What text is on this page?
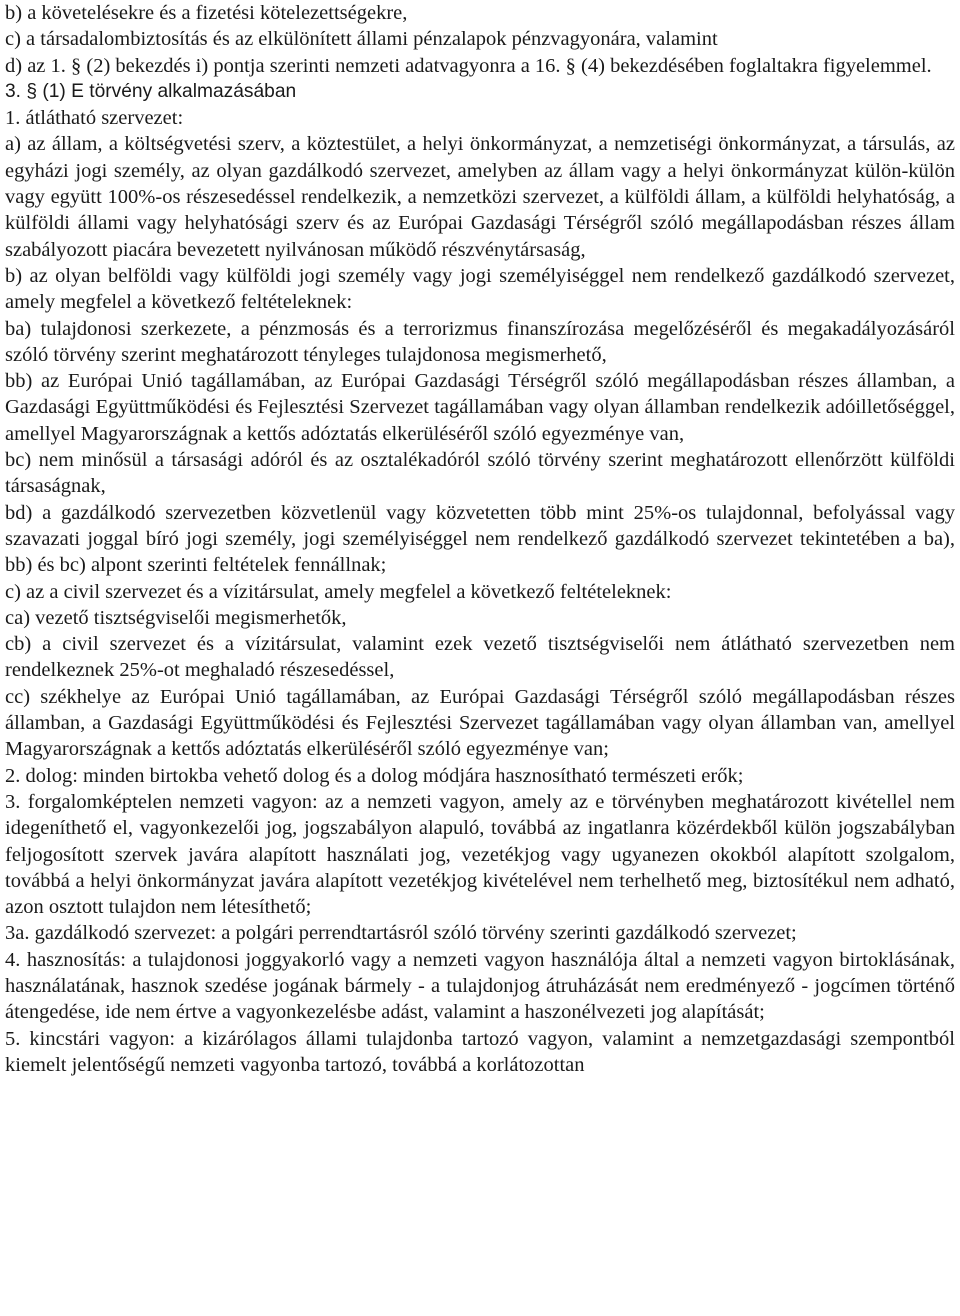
b) a követelésekre és a fizetési kötelezettségekre,

c) a társadalombiztosítás és az elkülönített állami pénzalapok pénzvagyonára, valamint

d) az 1. § (2) bekezdés i) pontja szerinti nemzeti adatvagyonra a 16. § (4) bekezdésében foglaltakra figyelemmel.

3. § (1) E törvény alkalmazásában

1. átlátható szervezet:

a) az állam, a költségvetési szerv, a köztestület, a helyi önkormányzat, a nemzetiségi önkormányzat, a társulás, az egyházi jogi személy, az olyan gazdálkodó szervezet, amelyben az állam vagy a helyi önkormányzat külön-külön vagy együtt 100%-os részesedéssel rendelkezik, a nemzetközi szervezet, a külföldi állam, a külföldi helyhatóság, a külföldi állami vagy helyhatósági szerv és az Európai Gazdasági Térségről szóló megállapodásban részes állam szabályozott piacára bevezetett nyilvánosan működő részvénytársaság,

b) az olyan belföldi vagy külföldi jogi személy vagy jogi személyiséggel nem rendelkező gazdálkodó szervezet, amely megfelel a következő feltételeknek:

ba) tulajdonosi szerkezete, a pénzmosás és a terrorizmus finanszírozása megelőzéséről és megakadályozásáról szóló törvény szerint meghatározott tényleges tulajdonosa megismerhető,

bb) az Európai Unió tagállamában, az Európai Gazdasági Térségről szóló megállapodásban részes államban, a Gazdasági Együttműködési és Fejlesztési Szervezet tagállamában vagy olyan államban rendelkezik adóilletőséggel, amellyel Magyarországnak a kettős adóztatás elkerüléséről szóló egyezménye van,

bc) nem minősül a társasági adóról és az osztalékadóról szóló törvény szerint meghatározott ellenőrzött külföldi társaságnak,

bd) a gazdálkodó szervezetben közvetlenül vagy közvetetten több mint 25%-os tulajdonnal, befolyással vagy szavazati joggal bíró jogi személy, jogi személyiséggel nem rendelkező gazdálkodó szervezet tekintetében a ba), bb) és bc) alpont szerinti feltételek fennállnak;

c) az a civil szervezet és a vízitársulat, amely megfelel a következő feltételeknek:

ca) vezető tisztségviselői megismerhetők,

cb) a civil szervezet és a vízitársulat, valamint ezek vezető tisztségviselői nem átlátható szervezetben nem rendelkeznek 25%-ot meghaladó részesedéssel,

cc) székhelye az Európai Unió tagállamában, az Európai Gazdasági Térségről szóló megállapodásban részes államban, a Gazdasági Együttműködési és Fejlesztési Szervezet tagállamában vagy olyan államban van, amellyel Magyarországnak a kettős adóztatás elkerüléséről szóló egyezménye van;

2. dolog: minden birtokba vehető dolog és a dolog módjára hasznosítható természeti erők;

3. forgalomképtelen nemzeti vagyon: az a nemzeti vagyon, amely az e törvényben meghatározott kivétellel nem idegeníthető el, vagyonkezelői jog, jogszabályon alapuló, továbbá az ingatlanra közérdekből külön jogszabályban feljogosított szervek javára alapított használati jog, vezetékjog vagy ugyanezen okokból alapított szolgalom, továbbá a helyi önkormányzat javára alapított vezetékjog kivételével nem terhelhető meg, biztosítékul nem adható, azon osztott tulajdon nem létesíthető;

3a. gazdálkodó szervezet: a polgári perrendtartásról szóló törvény szerinti gazdálkodó szervezet;

4. hasznosítás: a tulajdonosi joggyakorló vagy a nemzeti vagyon használója által a nemzeti vagyon birtoklásának, használatának, hasznok szedése jogának bármely - a tulajdonjog átruházását nem eredményező - jogcímen történő átengedése, ide nem értve a vagyonkezelésbe adást, valamint a haszonélvezeti jog alapítását;

5. kincstári vagyon: a kizárólagos állami tulajdonba tartozó vagyon, valamint a nemzetgazdasági szempontból kiemelt jelentőségű nemzeti vagyonba tartozó, továbbá a korlátozottan
